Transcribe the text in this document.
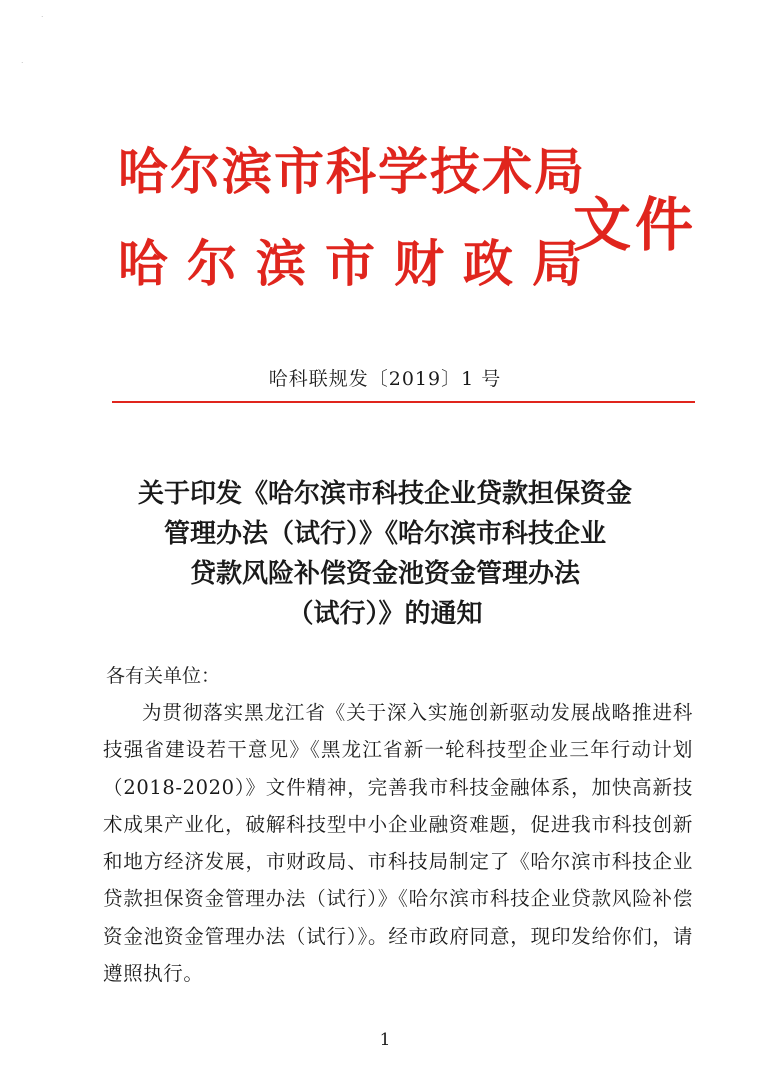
˙
˙
哈尔滨市科学技术局
哈尔滨市财政局
文件
哈科联规发〔2019〕1 号
关于印发《哈尔滨市科技企业贷款担保资金
管理办法（试行）》《哈尔滨市科技企业
贷款风险补偿资金池资金管理办法
（试行）》的通知
各有关单位：
为贯彻落实黑龙江省《关于深入实施创新驱动发展战略推进科技强省建设若干意见》《黑龙江省新一轮科技型企业三年行动计划（2018-2020）》文件精神，完善我市科技金融体系，加快高新技术成果产业化，破解科技型中小企业融资难题，促进我市科技创新和地方经济发展，市财政局、市科技局制定了《哈尔滨市科技企业贷款担保资金管理办法（试行）》《哈尔滨市科技企业贷款风险补偿资金池资金管理办法（试行）》。经市政府同意，现印发给你们，请遵照执行。
1
